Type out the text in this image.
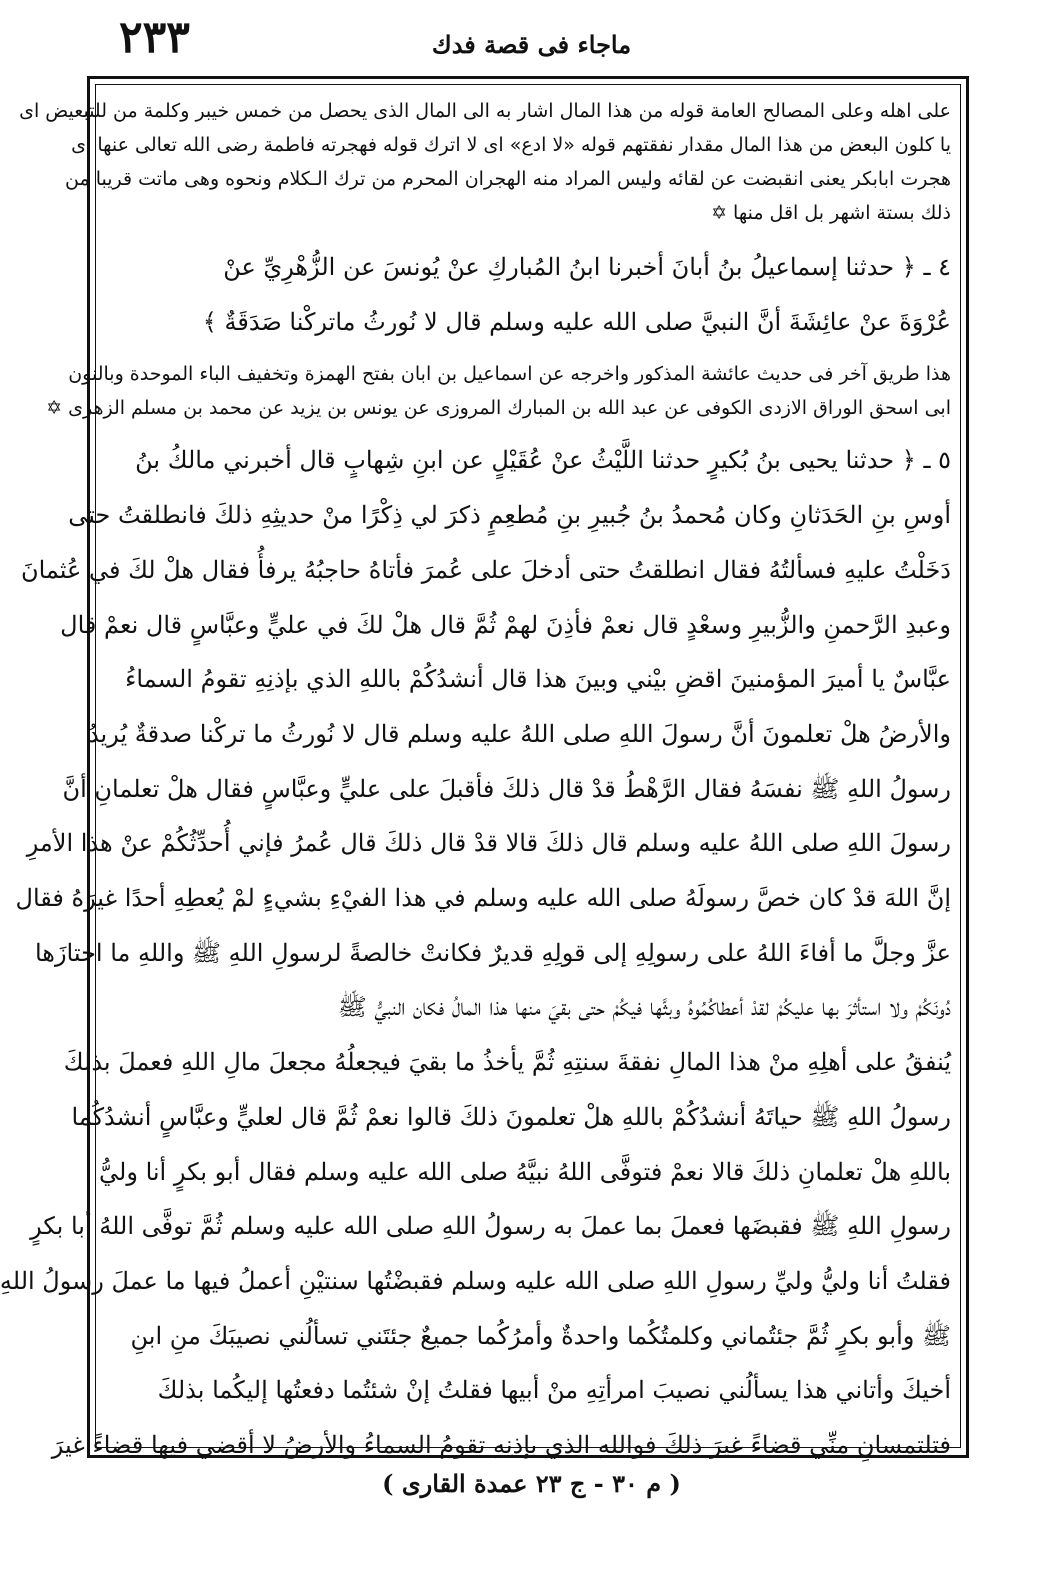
٢٣٣	ماجاء فی قصة فدك
على اهله وعلى المصالح العامة قوله من هذا المال اشار به الى المال الذى يحصل من خمس خيبر وكلمة من للتبعيض اى
يا كلون البعض من هذا المال مقدار نفقتهم قوله «لا ادع» اى لا اترك قوله فهجرته فاطمة رضى الله تعالى عنها اى
هجرت ابابكر يعنى انقبضت عن لقائه وليس المراد منه الهجران المحرم من ترك الـكلام ونحوه وهى ماتت قريبا من
ذلك بستة اشهر بل اقل منها ✡
٤ ـ ﴿ حدثنا إسماعيلُ بنُ أبانَ أخبرنا ابنُ المُباركِ عنْ يُونسَ عن الزُّهْرِيِّ عنْ
عُرْوَةَ عنْ عائِشَةَ أنَّ النبيَّ صلى الله عليه وسلم قال لا نُورثُ ماتركْنا صَدَقَةٌ ﴾
هذا طريق آخر فى حديث عائشة المذكور واخرجه عن اسماعيل بن ابان بفتح الهمزة وتخفيف الباء الموحدة وبالنون
ابى اسحق الوراق الازدى الكوفى عن عبد الله بن المبارك المروزى عن يونس بن يزيد عن محمد بن مسلم الزهرى ✡
٥ ـ ﴿ حدثنا يحيى بنُ بُكيرٍ حدثنا اللَّيْثُ عنْ عُقَيْلٍ عن ابنِ شِهابٍ قال أخبرني مالكُ بنُ
أوسِ بنِ الحَدَثانِ وكان مُحمدُ بنُ جُبيرِ بنِ مُطعِمٍ ذكرَ لي ذِكْرًا منْ حديثِهِ ذلكَ فانطلقتُ حتى
دَخَلْتُ عليهِ فسألتُهُ فقال انطلقتُ حتى أدخلَ على عُمرَ فأتاهُ حاجبُهُ يرفأُ فقال هلْ لكَ في عُثمانَ
وعبدِ الرَّحمنِ والزُّبيرِ وسعْدٍ قال نعمْ فأذِنَ لهمْ ثُمَّ قال هلْ لكَ في عليٍّ وعبَّاسٍ قال نعمْ قال
عبَّاسٌ يا أميرَ المؤمنينَ اقضِ بيْني وبينَ هذا قال أنشدُكُمْ باللهِ الذي بإذنِهِ تقومُ السماءُ
والأرضُ هلْ تعلمونَ أنَّ رسولَ اللهِ صلى اللهُ عليه وسلم قال لا نُورثُ ما تركْنا صدقةٌ يُريدُ
رسولُ اللهِ ﷺ نفسَهُ فقال الرَّهْطُ قدْ قال ذلكَ فأقبلَ على عليٍّ وعبَّاسٍ فقال هلْ تعلمانِ أنَّ
رسولَ اللهِ صلى اللهُ عليه وسلم قال ذلكَ قالا قدْ قال ذلكَ قال عُمرُ فإني أُحدِّثُكُمْ عنْ هذا الأمرِ
إنَّ اللهَ قدْ كان خصَّ رسولَهُ صلى الله عليه وسلم في هذا الفيْءِ بشيءٍ لمْ يُعطِهِ أحدًا غيرَهُ فقال
عزَّ وجلَّ ما أفاءَ اللهُ على رسولِهِ إلى قولِهِ قديرٌ فكانتْ خالصةً لرسولِ اللهِ ﷺ واللهِ ما احتازَها
دُونَكُمْ ولا استأثرَ بها عليكُمْ لقدْ أعطاكُمُوهُ وبثَّها فيكُمْ حتى بقيَ منها هذا المالُ فكان النبيُّ ﷺ
يُنفقُ على أهلِهِ منْ هذا المالِ نفقةَ سنتِهِ ثُمَّ يأخذُ ما بقيَ فيجعلُهُ مجعلَ مالِ اللهِ فعملَ بذلكَ
رسولُ اللهِ ﷺ حياتَهُ أنشدُكُمْ باللهِ هلْ تعلمونَ ذلكَ قالوا نعمْ ثُمَّ قال لعليٍّ وعبَّاسٍ أنشدُكُما
باللهِ هلْ تعلمانِ ذلكَ قالا نعمْ فتوفَّى اللهُ نبيَّهُ صلى الله عليه وسلم فقال أبو بكرٍ أنا وليُّ
رسولِ اللهِ ﷺ فقبضَها فعملَ بما عملَ به رسولُ اللهِ صلى الله عليه وسلم ثُمَّ توفَّى اللهُ أبا بكرٍ
فقلتُ أنا وليُّ وليِّ رسولِ اللهِ صلى الله عليه وسلم فقبضْتُها سنتيْنِ أعملُ فيها ما عملَ رسولُ اللهِ
ﷺ وأبو بكرٍ ثُمَّ جئتُماني وكلمتُكُما واحدةٌ وأمرُكُما جميعٌ جئتَني تسألُني نصيبَكَ منِ ابنِ
أخيكَ وأتاني هذا يسألُني نصيبَ امرأتِهِ منْ أبيها فقلتُ إنْ شئتُما دفعتُها إليكُما بذلكَ
فتلتمسانِ منِّي قضاءً غيرَ ذلكَ فواللهِ الذي بإذنِهِ تقومُ السماءُ والأرضُ لا أقضي فيها قضاءً غيرَ
( م ٣٠ - ج ٢٣ عمدة القارى )
